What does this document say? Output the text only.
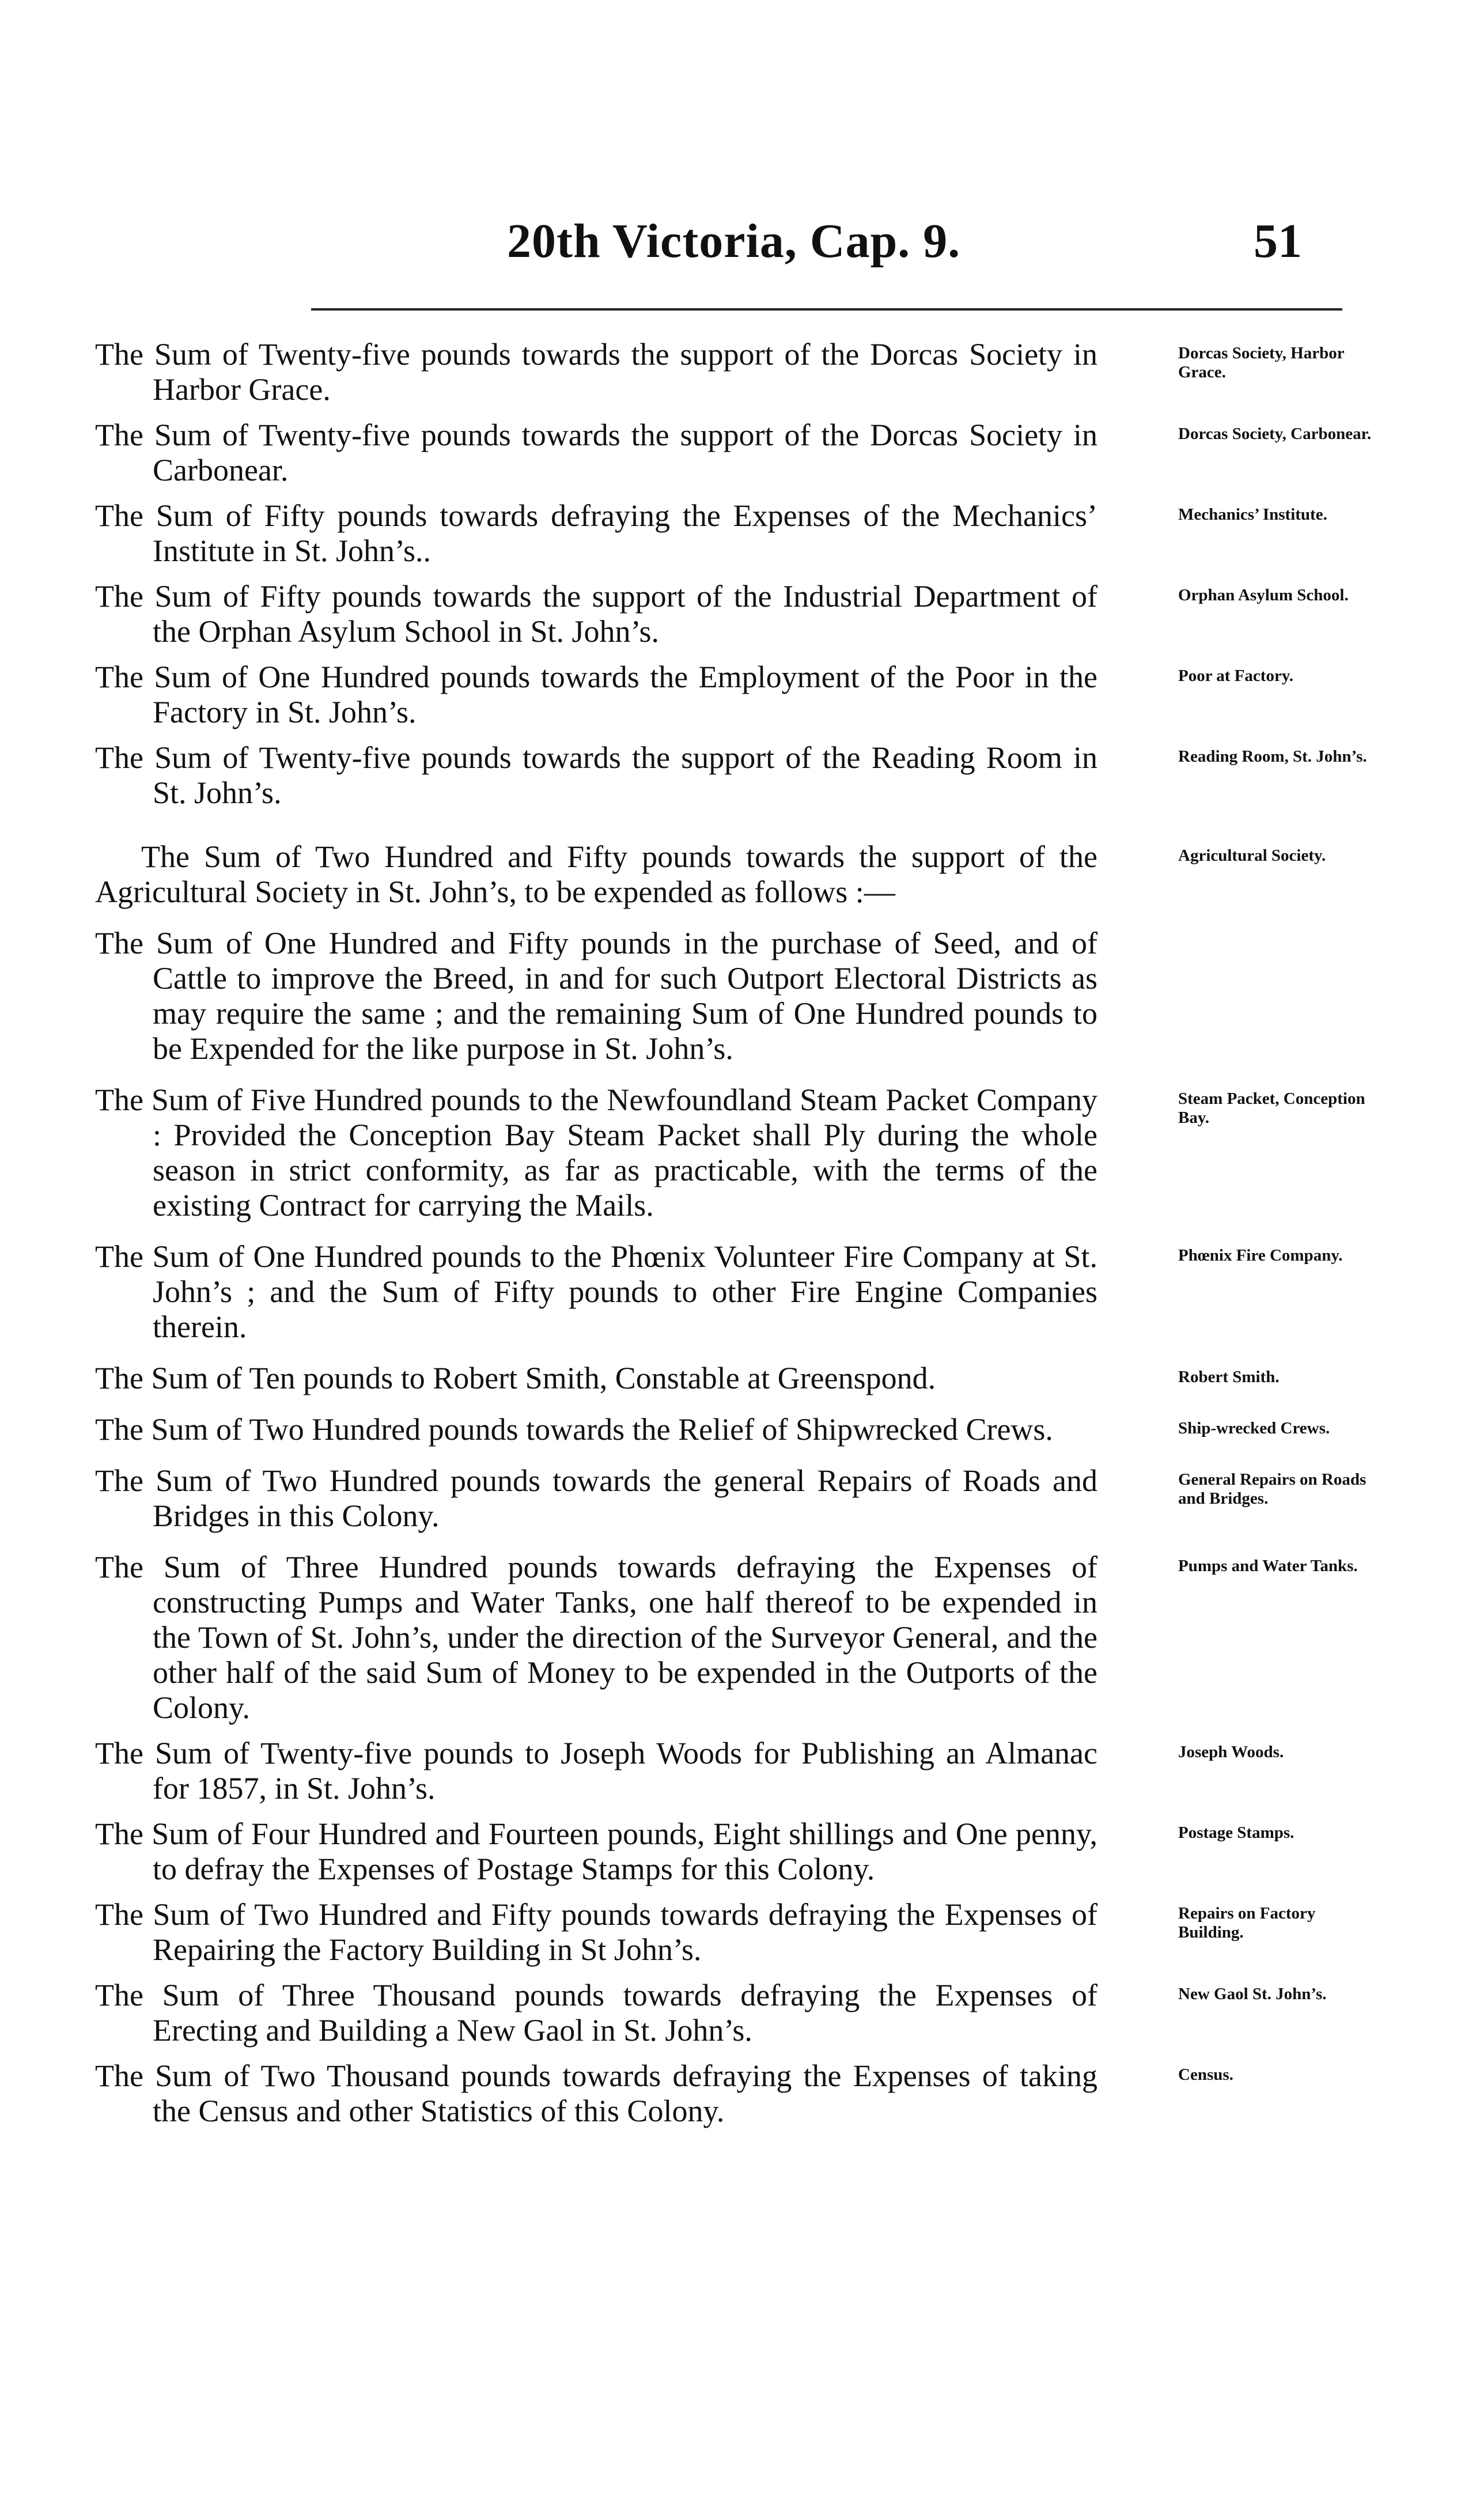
20th Victoria, Cap. 9.	51
The Sum of Twenty-five pounds towards the support of the Dorcas Society in Harbor Grace.
Dorcas Society, Harbor Grace.
The Sum of Twenty-five pounds towards the support of the Dorcas Society in Carbonear.
Dorcas Society, Carbonear.
The Sum of Fifty pounds towards defraying the Expenses of the Mechanics’ Institute in St. John’s..
Mechanics’ Institute.
The Sum of Fifty pounds towards the support of the Industrial Department of the Orphan Asylum School in St. John’s.
Orphan Asylum School.
The Sum of One Hundred pounds towards the Employment of the Poor in the Factory in St. John’s.
Poor at Factory.
The Sum of Twenty-five pounds towards the support of the Reading Room in St. John’s.
Reading Room, St. John’s.
The Sum of Two Hundred and Fifty pounds towards the support of the Agricultural Society in St. John’s, to be expended as follows :—
Agricultural Society.
The Sum of One Hundred and Fifty pounds in the purchase of Seed, and of Cattle to improve the Breed, in and for such Outport Electoral Districts as may require the same ; and the remaining Sum of One Hundred pounds to be Expended for the like purpose in St. John’s.
The Sum of Five Hundred pounds to the Newfoundland Steam Packet Company : Provided the Conception Bay Steam Packet shall Ply during the whole season in strict conformity, as far as practicable, with the terms of the existing Contract for carrying the Mails.
Steam Packet, Conception Bay.
The Sum of One Hundred pounds to the Phœnix Volunteer Fire Company at St. John’s ; and the Sum of Fifty pounds to other Fire Engine Companies therein.
Phœnix Fire Company.
The Sum of Ten pounds to Robert Smith, Constable at Greenspond.	Robert Smith.
The Sum of Two Hundred pounds towards the Relief of Shipwrecked Crews.	Ship-wrecked Crews.
The Sum of Two Hundred pounds towards the general Repairs of Roads and Bridges in this Colony.
General Repairs on Roads and Bridges.
The Sum of Three Hundred pounds towards defraying the Expenses of constructing Pumps and Water Tanks, one half thereof to be expended in the Town of St. John’s, under the direction of the Surveyor General, and the other half of the said Sum of Money to be expended in the Outports of the Colony.
Pumps and Water Tanks.
The Sum of Twenty-five pounds to Joseph Woods for Publishing an Almanac for 1857, in St. John’s.
Joseph Woods.
The Sum of Four Hundred and Fourteen pounds, Eight shillings and One penny, to defray the Expenses of Postage Stamps for this Colony.
Postage Stamps.
The Sum of Two Hundred and Fifty pounds towards defraying the Expenses of Repairing the Factory Building in St John’s.
Repairs on Factory Building.
The Sum of Three Thousand pounds towards defraying the Expenses of Erecting and Building a New Gaol in St. John’s.
New Gaol St. John’s.
The Sum of Two Thousand pounds towards defraying the Expenses of taking the Census and other Statistics of this Colony.
Census.
